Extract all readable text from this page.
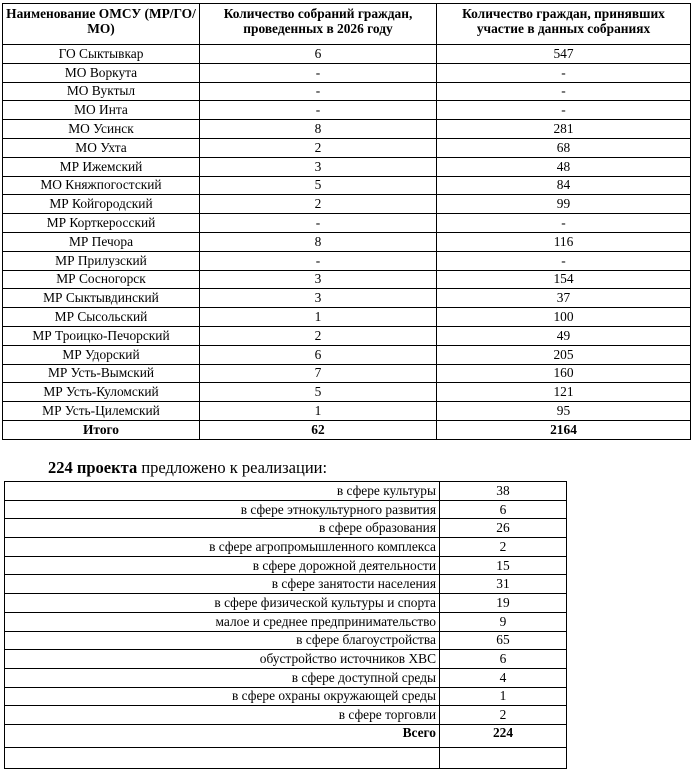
Наименование ОМСУ (МР/ГО/МО)	Количество собраний граждан, проведенных в 2026 году	Количество граждан, принявших участие в данных собраниях
ГО Сыктывкар	6	547
МО Воркута	-	-
МО Вуктыл	-	-
МО Инта	-	-
МО Усинск	8	281
МО Ухта	2	68
МР Ижемский	3	48
МО Княжпогостский	5	84
МР Койгородский	2	99
МР Корткеросский	-	-
МР Печора	8	116
МР Прилузский	-	-
МР Сосногорск	3	154
МР Сыктывдинский	3	37
МР Сысольский	1	100
МР Троицко-Печорский	2	49
МР Удорский	6	205
МР Усть-Вымский	7	160
МР Усть-Куломский	5	121
МР Усть-Цилемский	1	95
Итого	62	2164
224 проекта предложено к реализации:
в сфере культуры	38
в сфере этнокультурного развития	6
в сфере образования	26
в сфере агропромышленного комплекса	2
в сфере дорожной деятельности	15
в сфере занятости населения	31
в сфере физической культуры и спорта	19
малое и среднее предпринимательство	9
в сфере благоустройства	65
обустройство источников ХВС	6
в сфере доступной среды	4
в сфере охраны окружающей среды	1
в сфере торговли	2
Всего	224
